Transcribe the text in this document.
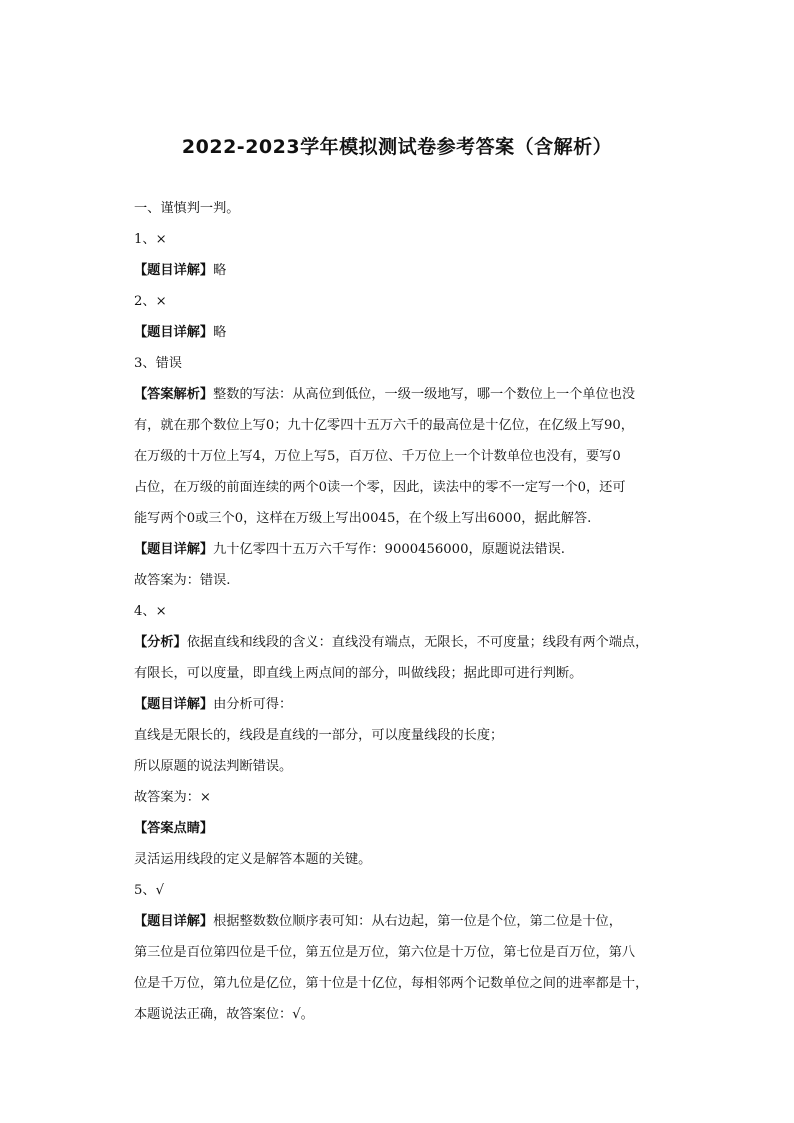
2022-2023学年模拟测试卷参考答案（含解析）
一、谨慎判一判。
1、×
【题目详解】略
2、×
【题目详解】略
3、错误
【答案解析】整数的写法：从高位到低位，一级一级地写，哪一个数位上一个单位也没
有，就在那个数位上写0；九十亿零四十五万六千的最高位是十亿位，在亿级上写90，
在万级的十万位上写4，万位上写5，百万位、千万位上一个计数单位也没有，要写0
占位，在万级的前面连续的两个0读一个零，因此，读法中的零不一定写一个0，还可
能写两个0或三个0，这样在万级上写出0045，在个级上写出6000，据此解答.
【题目详解】九十亿零四十五万六千写作：9000456000，原题说法错误.
故答案为：错误.
4、×
【分析】依据直线和线段的含义：直线没有端点，无限长，不可度量；线段有两个端点，
有限长，可以度量，即直线上两点间的部分，叫做线段；据此即可进行判断。
【题目详解】由分析可得：
直线是无限长的，线段是直线的一部分，可以度量线段的长度；
所以原题的说法判断错误。
故答案为：×
【答案点睛】
灵活运用线段的定义是解答本题的关键。
5、√
【题目详解】根据整数数位顺序表可知：从右边起，第一位是个位，第二位是十位，
第三位是百位第四位是千位，第五位是万位，第六位是十万位，第七位是百万位，第八
位是千万位，第九位是亿位，第十位是十亿位，每相邻两个记数单位之间的进率都是十，
本题说法正确，故答案位：√。
